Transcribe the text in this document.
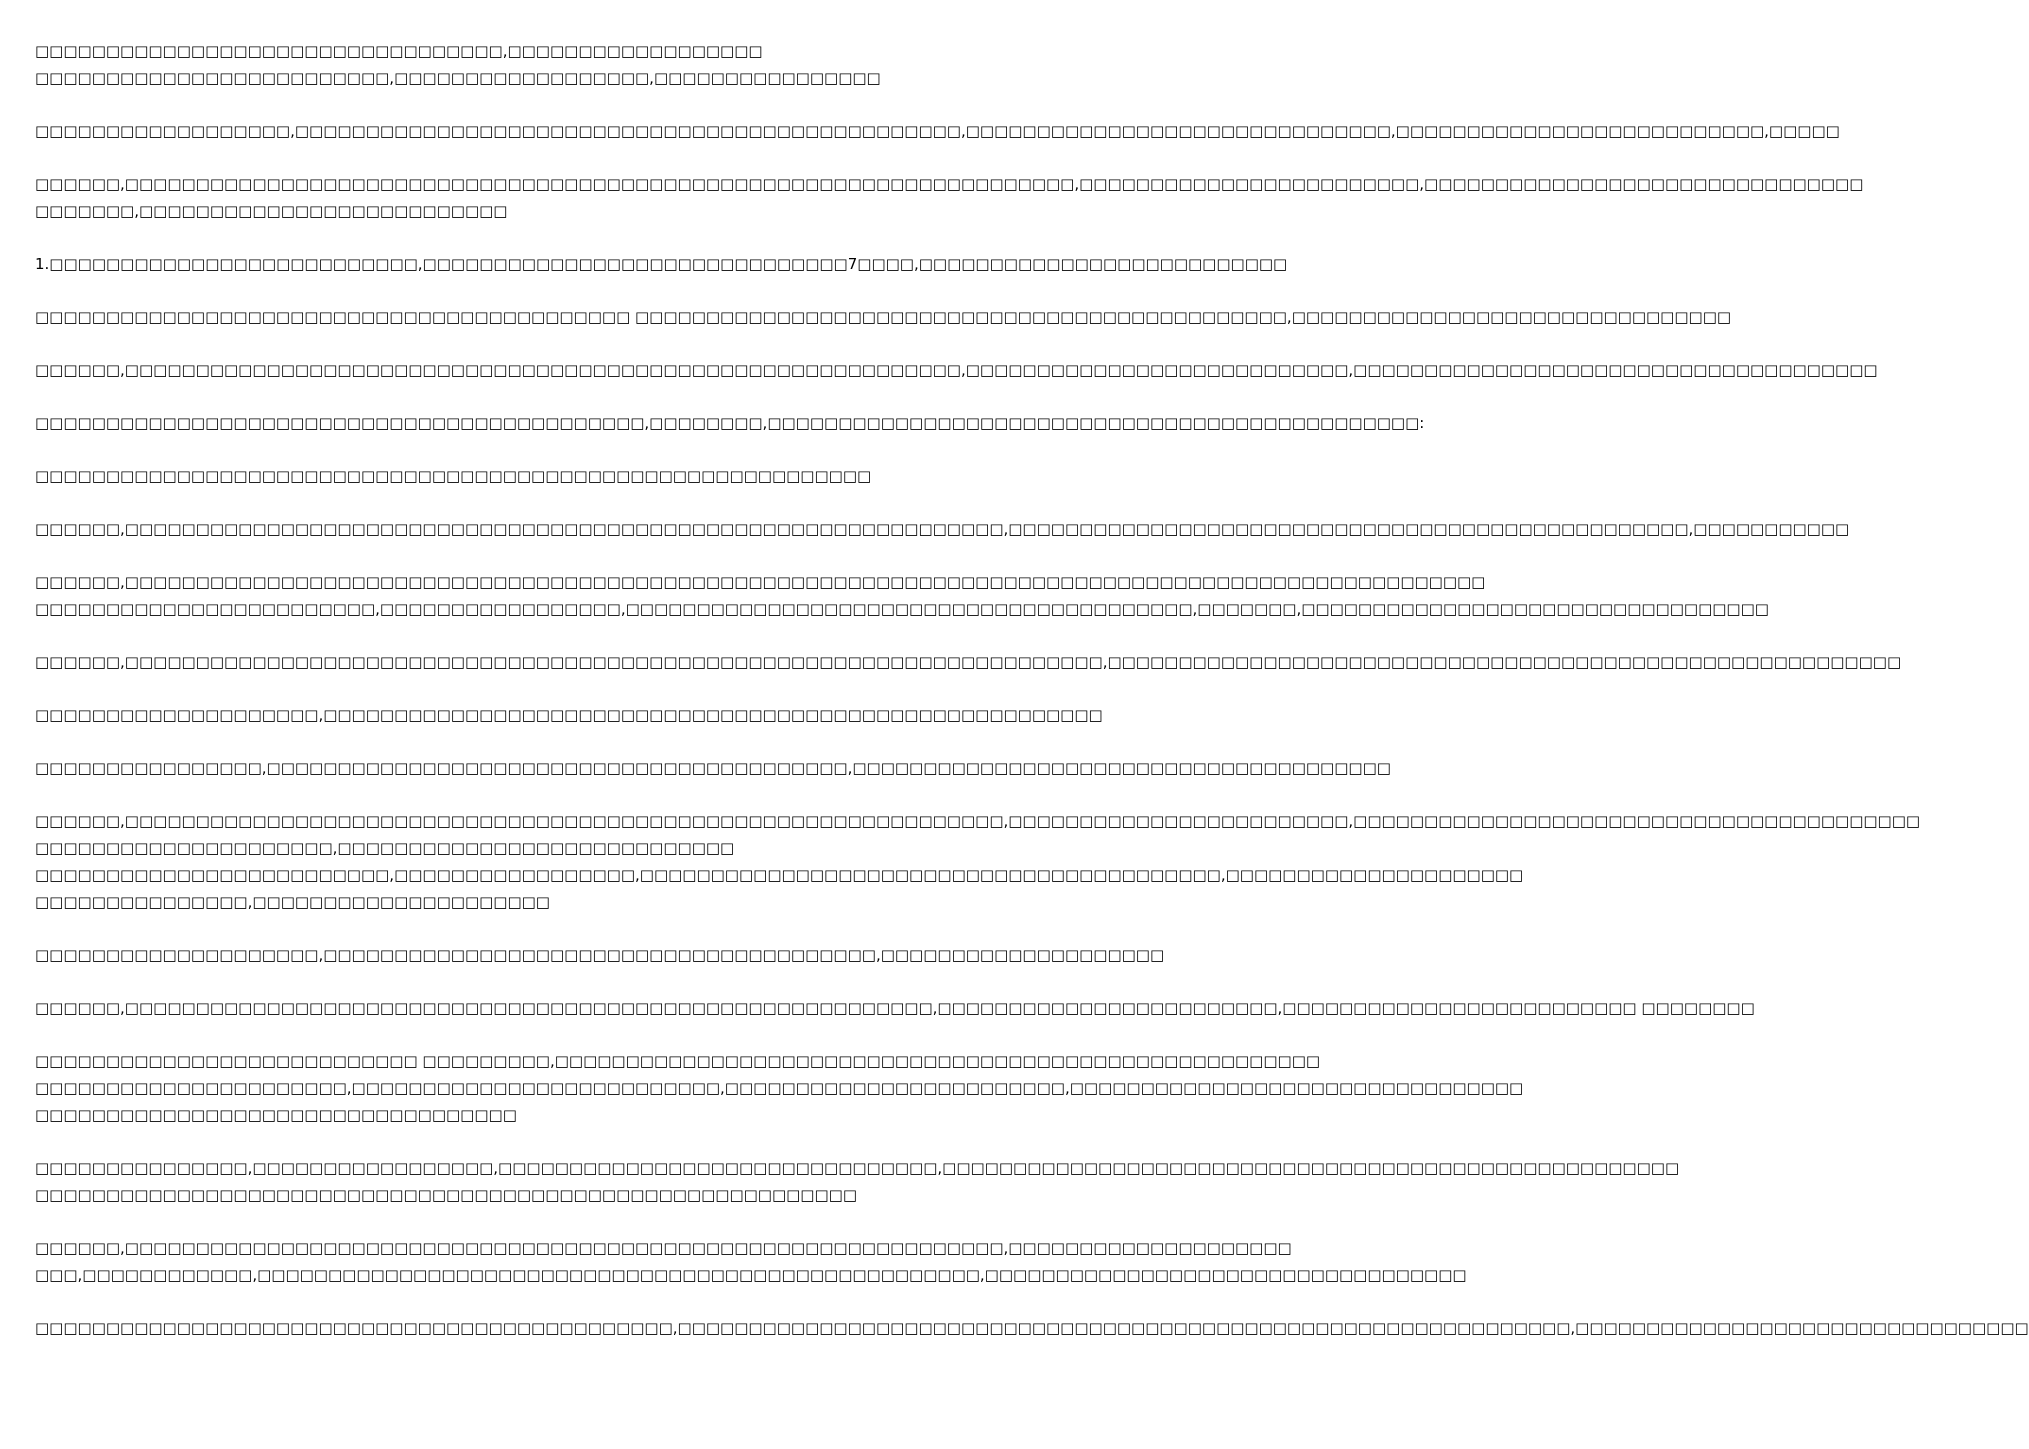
□□□□□□□□□□□□□□□□□□□□□□□□□□□□□□□□□,□□□□□□□□□□□□□□□□□□
□□□□□□□□□□□□□□□□□□□□□□□□□,□□□□□□□□□□□□□□□□□□,□□□□□□□□□□□□□□□□
□□□□□□□□□□□□□□□□□□,□□□□□□□□□□□□□□□□□□□□□□□□□□□□□□□□□□□□□□□□□□□□□□□,□□□□□□□□□□□□□□□□□□□□□□□□□□□□□□,□□□□□□□□□□□□□□□□□□□□□□□□□□,□□□□□
□□□□□□,□□□□□□□□□□□□□□□□□□□□□□□□□□□□□□□□□□□□□□□□□□□□□□□□□□□□□□□□□□□□□□□□□□□,□□□□□□□□□□□□□□□□□□□□□□□□,□□□□□□□□□□□□□□□□□□□□□□□□□□□□□□□
□□□□□□□,□□□□□□□□□□□□□□□□□□□□□□□□□□
1.□□□□□□□□□□□□□□□□□□□□□□□□□□,□□□□□□□□□□□□□□□□□□□□□□□□□□□□□□7□□□□,□□□□□□□□□□□□□□□□□□□□□□□□□□
□□□□□□□□□□□□□□□□□□□□□□□□□□□□□□□□□□□□□□□□□□ □□□□□□□□□□□□□□□□□□□□□□□□□□□□□□□□□□□□□□□□□□□□□□,□□□□□□□□□□□□□□□□□□□□□□□□□□□□□□□
□□□□□□,□□□□□□□□□□□□□□□□□□□□□□□□□□□□□□□□□□□□□□□□□□□□□□□□□□□□□□□□□□□,□□□□□□□□□□□□□□□□□□□□□□□□□□□,□□□□□□□□□□□□□□□□□□□□□□□□□□□□□□□□□□□□□
□□□□□□□□□□□□□□□□□□□□□□□□□□□□□□□□□□□□□□□□□□□,□□□□□□□□,□□□□□□□□□□□□□□□□□□□□□□□□□□□□□□□□□□□□□□□□□□□□□□:
□□□□□□□□□□□□□□□□□□□□□□□□□□□□□□□□□□□□□□□□□□□□□□□□□□□□□□□□□□□
□□□□□□,□□□□□□□□□□□□□□□□□□□□□□□□□□□□□□□□□□□□□□□□□□□□□□□□□□□□□□□□□□□□□□,□□□□□□□□□□□□□□□□□□□□□□□□□□□□□□□□□□□□□□□□□□□□□□□□,□□□□□□□□□□□
□□□□□□,□□□□□□□□□□□□□□□□□□□□□□□□□□□□□□□□□□□□□□□□□□□□□□□□□□□□□□□□□□□□□□□□□□□□□□□□□□□□□□□□□□□□□□□□□□□□□□□□
□□□□□□□□□□□□□□□□□□□□□□□□,□□□□□□□□□□□□□□□□□,□□□□□□□□□□□□□□□□□□□□□□□□□□□□□□□□□□□□□□□□,□□□□□□□,□□□□□□□□□□□□□□□□□□□□□□□□□□□□□□□□□
□□□□□□,□□□□□□□□□□□□□□□□□□□□□□□□□□□□□□□□□□□□□□□□□□□□□□□□□□□□□□□□□□□□□□□□□□□□□,□□□□□□□□□□□□□□□□□□□□□□□□□□□□□□□□□□□□□□□□□□□□□□□□□□□□□□□□
□□□□□□□□□□□□□□□□□□□□,□□□□□□□□□□□□□□□□□□□□□□□□□□□□□□□□□□□□□□□□□□□□□□□□□□□□□□□
□□□□□□□□□□□□□□□□,□□□□□□□□□□□□□□□□□□□□□□□□□□□□□□□□□□□□□□□□□,□□□□□□□□□□□□□□□□□□□□□□□□□□□□□□□□□□□□□□
□□□□□□,□□□□□□□□□□□□□□□□□□□□□□□□□□□□□□□□□□□□□□□□□□□□□□□□□□□□□□□□□□□□□□,□□□□□□□□□□□□□□□□□□□□□□□□,□□□□□□□□□□□□□□□□□□□□□□□□□□□□□□□□□□□□□□□□
□□□□□□□□□□□□□□□□□□□□□,□□□□□□□□□□□□□□□□□□□□□□□□□□□□
□□□□□□□□□□□□□□□□□□□□□□□□□,□□□□□□□□□□□□□□□□□,□□□□□□□□□□□□□□□□□□□□□□□□□□□□□□□□□□□□□□□□□,□□□□□□□□□□□□□□□□□□□□□
□□□□□□□□□□□□□□□,□□□□□□□□□□□□□□□□□□□□□
□□□□□□□□□□□□□□□□□□□□,□□□□□□□□□□□□□□□□□□□□□□□□□□□□□□□□□□□□□□□,□□□□□□□□□□□□□□□□□□□□
□□□□□□,□□□□□□□□□□□□□□□□□□□□□□□□□□□□□□□□□□□□□□□□□□□□□□□□□□□□□□□□□,□□□□□□□□□□□□□□□□□□□□□□□□,□□□□□□□□□□□□□□□□□□□□□□□□□ □□□□□□□□
□□□□□□□□□□□□□□□□□□□□□□□□□□□ □□□□□□□□□,□□□□□□□□□□□□□□□□□□□□□□□□□□□□□□□□□□□□□□□□□□□□□□□□□□□□□□
□□□□□□□□□□□□□□□□□□□□□□,□□□□□□□□□□□□□□□□□□□□□□□□□□,□□□□□□□□□□□□□□□□□□□□□□□□,□□□□□□□□□□□□□□□□□□□□□□□□□□□□□□□□
□□□□□□□□□□□□□□□□□□□□□□□□□□□□□□□□□□
□□□□□□□□□□□□□□□,□□□□□□□□□□□□□□□□□,□□□□□□□□□□□□□□□□□□□□□□□□□□□□□□□,□□□□□□□□□□□□□□□□□□□□□□□□□□□□□□□□□□□□□□□□□□□□□□□□□□□□
□□□□□□□□□□□□□□□□□□□□□□□□□□□□□□□□□□□□□□□□□□□□□□□□□□□□□□□□□□
□□□□□□,□□□□□□□□□□□□□□□□□□□□□□□□□□□□□□□□□□□□□□□□□□□□□□□□□□□□□□□□□□□□□□,□□□□□□□□□□□□□□□□□□□□
□□□,□□□□□□□□□□□□,□□□□□□□□□□□□□□□□□□□□□□□□□□□□□□□□□□□□□□□□□□□□□□□□□□□,□□□□□□□□□□□□□□□□□□□□□□□□□□□□□□□□□□
□□□□□□□□□□□□□□□□□□□□□□□□□□□□□□□□□□□□□□□□□□□□□,□□□□□□□□□□□□□□□□□□□□□□□□□□□□□□□□□□□□□□□□□□□□□□□□□□□□□□□□□□□□□□□,□□□□□□□□□□□□□□□□□□□□□□□□□□□□□□□□
